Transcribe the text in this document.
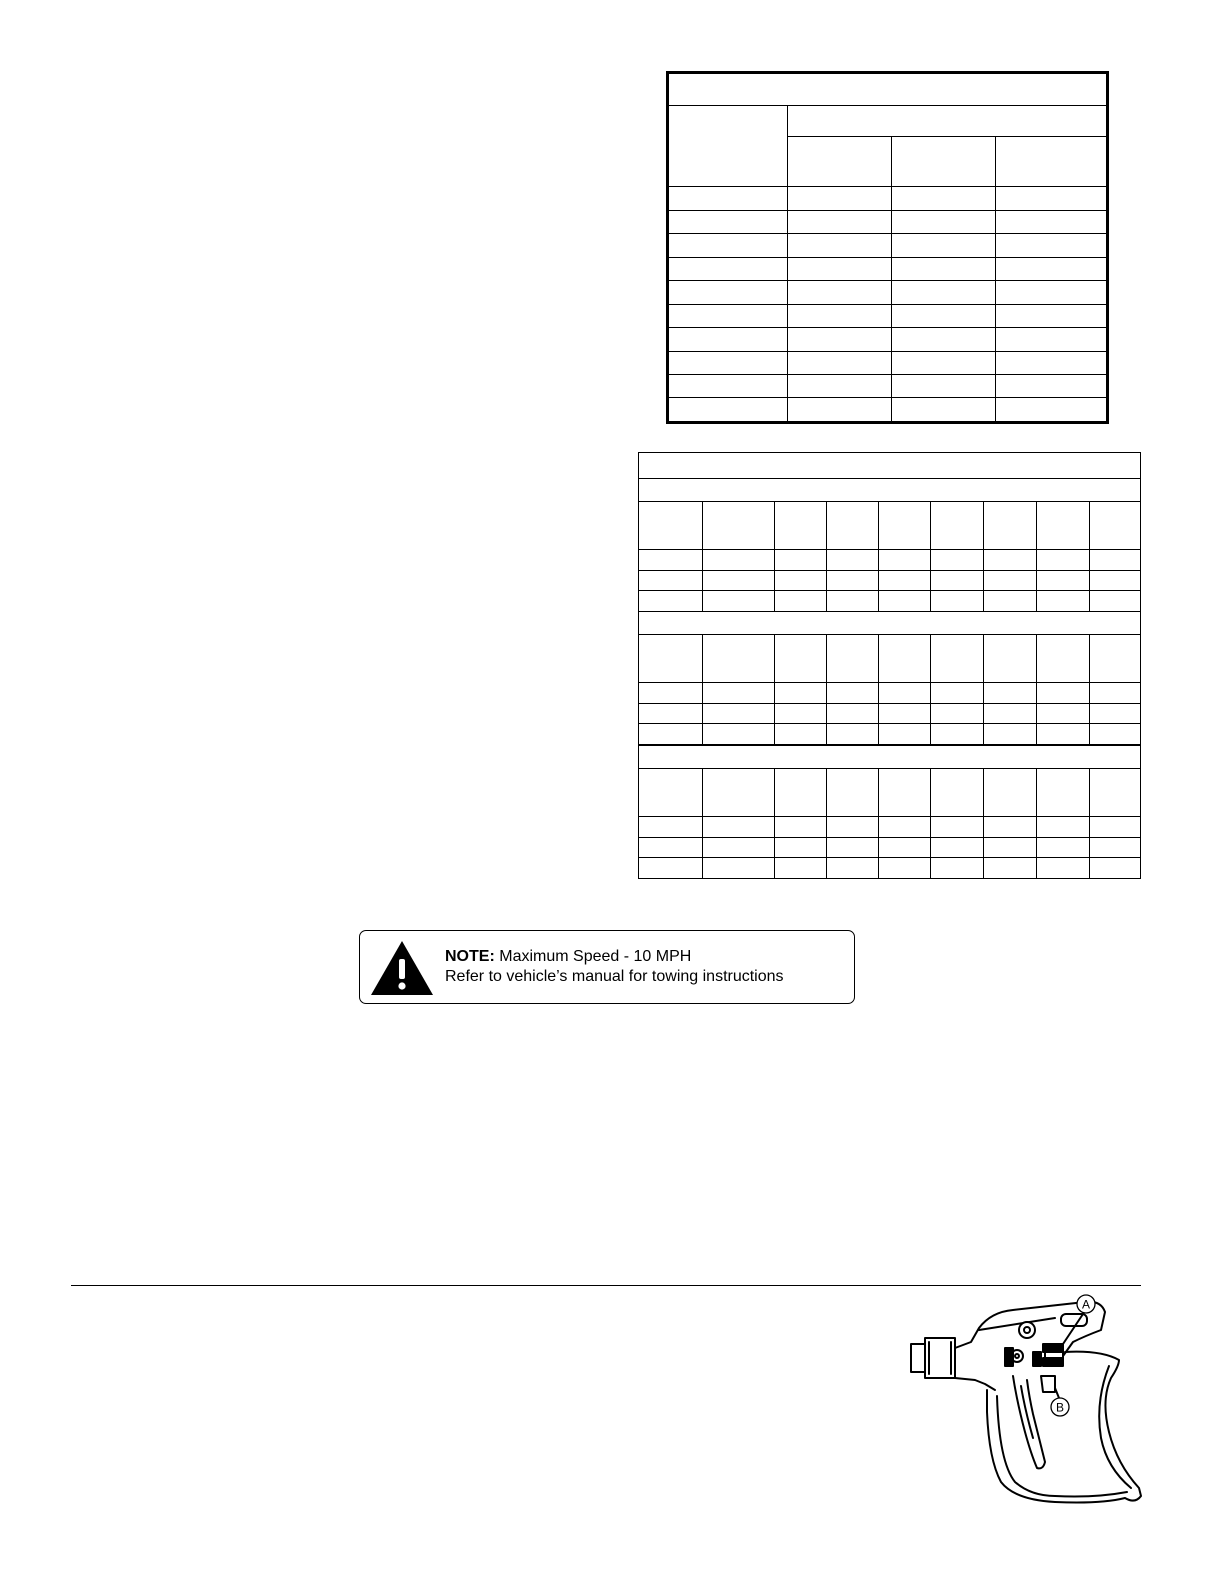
NOTE: Maximum Speed - 10 MPH
Refer to vehicle’s manual for towing instructions
A
B
